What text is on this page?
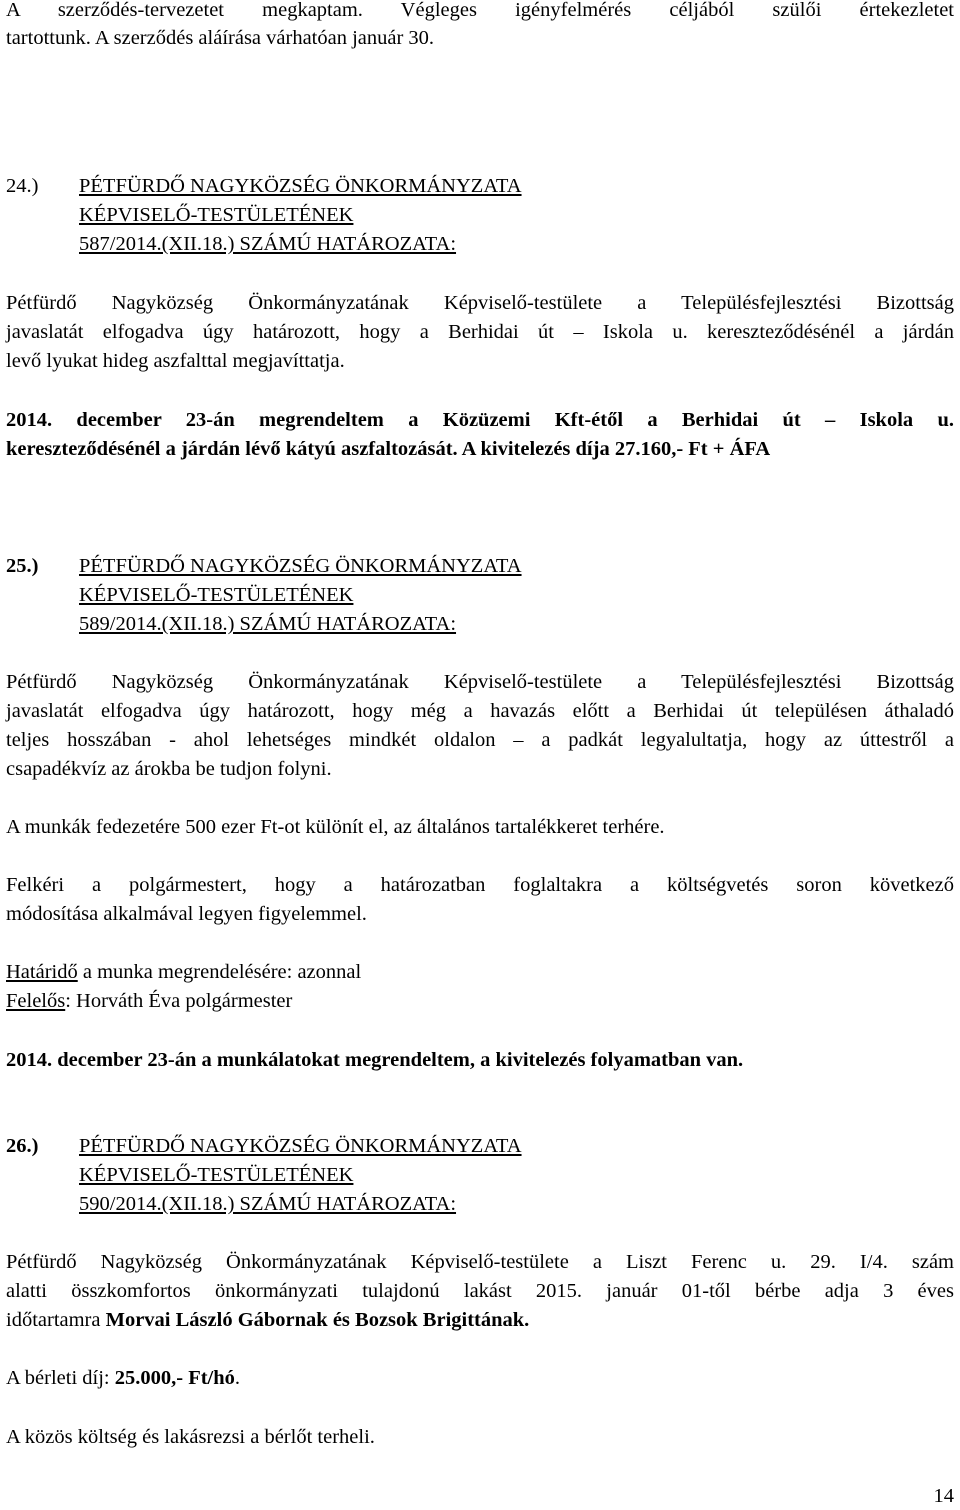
A szerződés-tervezetet megkaptam. Végleges igényfelmérés céljából szülői értekezletet
tartottunk. A szerződés aláírása várhatóan január 30.
24.) PÉTFÜRDŐ NAGYKÖZSÉG ÖNKORMÁNYZATA
KÉPVISELŐ-TESTÜLETÉNEK
587/2014.(XII.18.) SZÁMÚ HATÁROZATA:
Pétfürdő Nagyközség Önkormányzatának Képviselő-testülete a Településfejlesztési Bizottság
javaslatát elfogadva úgy határozott, hogy a Berhidai út – Iskola u. kereszteződésénél a járdán
levő lyukat hideg aszfalttal megjavíttatja.
2014. december 23-án megrendeltem a Közüzemi Kft-étől a Berhidai út – Iskola u.
kereszteződésénél a járdán lévő kátyú aszfaltozását. A kivitelezés díja 27.160,- Ft + ÁFA
25.) PÉTFÜRDŐ NAGYKÖZSÉG ÖNKORMÁNYZATA
KÉPVISELŐ-TESTÜLETÉNEK
589/2014.(XII.18.) SZÁMÚ HATÁROZATA:
Pétfürdő Nagyközség Önkormányzatának Képviselő-testülete a Településfejlesztési Bizottság
javaslatát elfogadva úgy határozott, hogy még a havazás előtt a Berhidai út településen áthaladó
teljes hosszában - ahol lehetséges mindkét oldalon – a padkát legyalultatja, hogy az úttestről a
csapadékvíz az árokba be tudjon folyni.
A munkák fedezetére 500 ezer Ft-ot különít el, az általános tartalékkeret terhére.
Felkéri a polgármestert, hogy a határozatban foglaltakra a költségvetés soron következő
módosítása alkalmával legyen figyelemmel.
Határidő a munka megrendelésére: azonnal
Felelős: Horváth Éva polgármester
2014. december 23-án a munkálatokat megrendeltem, a kivitelezés folyamatban van.
26.) PÉTFÜRDŐ NAGYKÖZSÉG ÖNKORMÁNYZATA
KÉPVISELŐ-TESTÜLETÉNEK
590/2014.(XII.18.) SZÁMÚ HATÁROZATA:
Pétfürdő Nagyközség Önkormányzatának Képviselő-testülete a Liszt Ferenc u. 29. I/4. szám
alatti összkomfortos önkormányzati tulajdonú lakást 2015. január 01-től bérbe adja 3 éves
időtartamra Morvai László Gábornak és Bozsok Brigittának.
A bérleti díj: 25.000,- Ft/hó.
A közös költség és lakásrezsi a bérlőt terheli.
14
